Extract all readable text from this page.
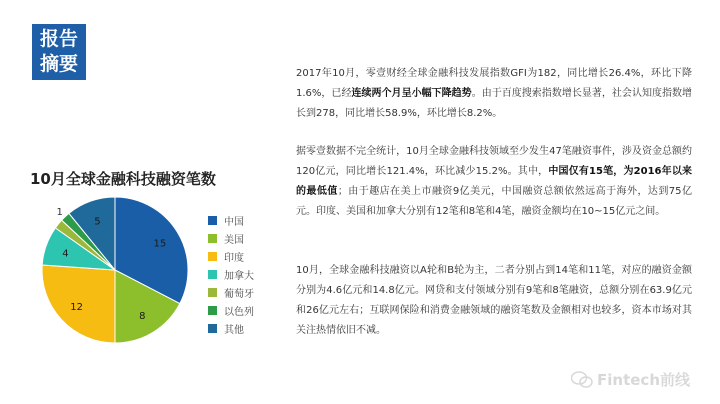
报告
摘要
10月全球金融科技融资笔数
15
8
12
4
1
5	中国
美国
印度
加拿大
葡萄牙
以色列
其他

2017年10月，零壹财经全球金融科技发展指数GFI为182，同比增长26.4%，环比下降1.6%，已经连续两个月呈小幅下降趋势。由于百度搜索指数增长显著，社会认知度指数增长到278，同比增长58.9%，环比增长8.2%。

据零壹数据不完全统计，10月全球金融科技领域至少发生47笔融资事件，涉及资金总额约120亿元，同比增长121.4%，环比减少15.2%。其中，中国仅有15笔，为2016年以来的最低值；由于趣店在美上市融资9亿美元，中国融资总额依然远高于海外，达到75亿元。印度、美国和加拿大分别有12笔和8笔和4笔，融资金额均在10~15亿元之间。

10月，全球金融科技融资以A轮和B轮为主，二者分别占到14笔和11笔，对应的融资金额分别为4.6亿元和14.8亿元。网贷和支付领域分别有9笔和8笔融资，总额分别在63.9亿元和26亿元左右；互联网保险和消费金融领域的融资笔数及金额相对也较多，资本市场对其关注热情依旧不减。

Fintech前线
